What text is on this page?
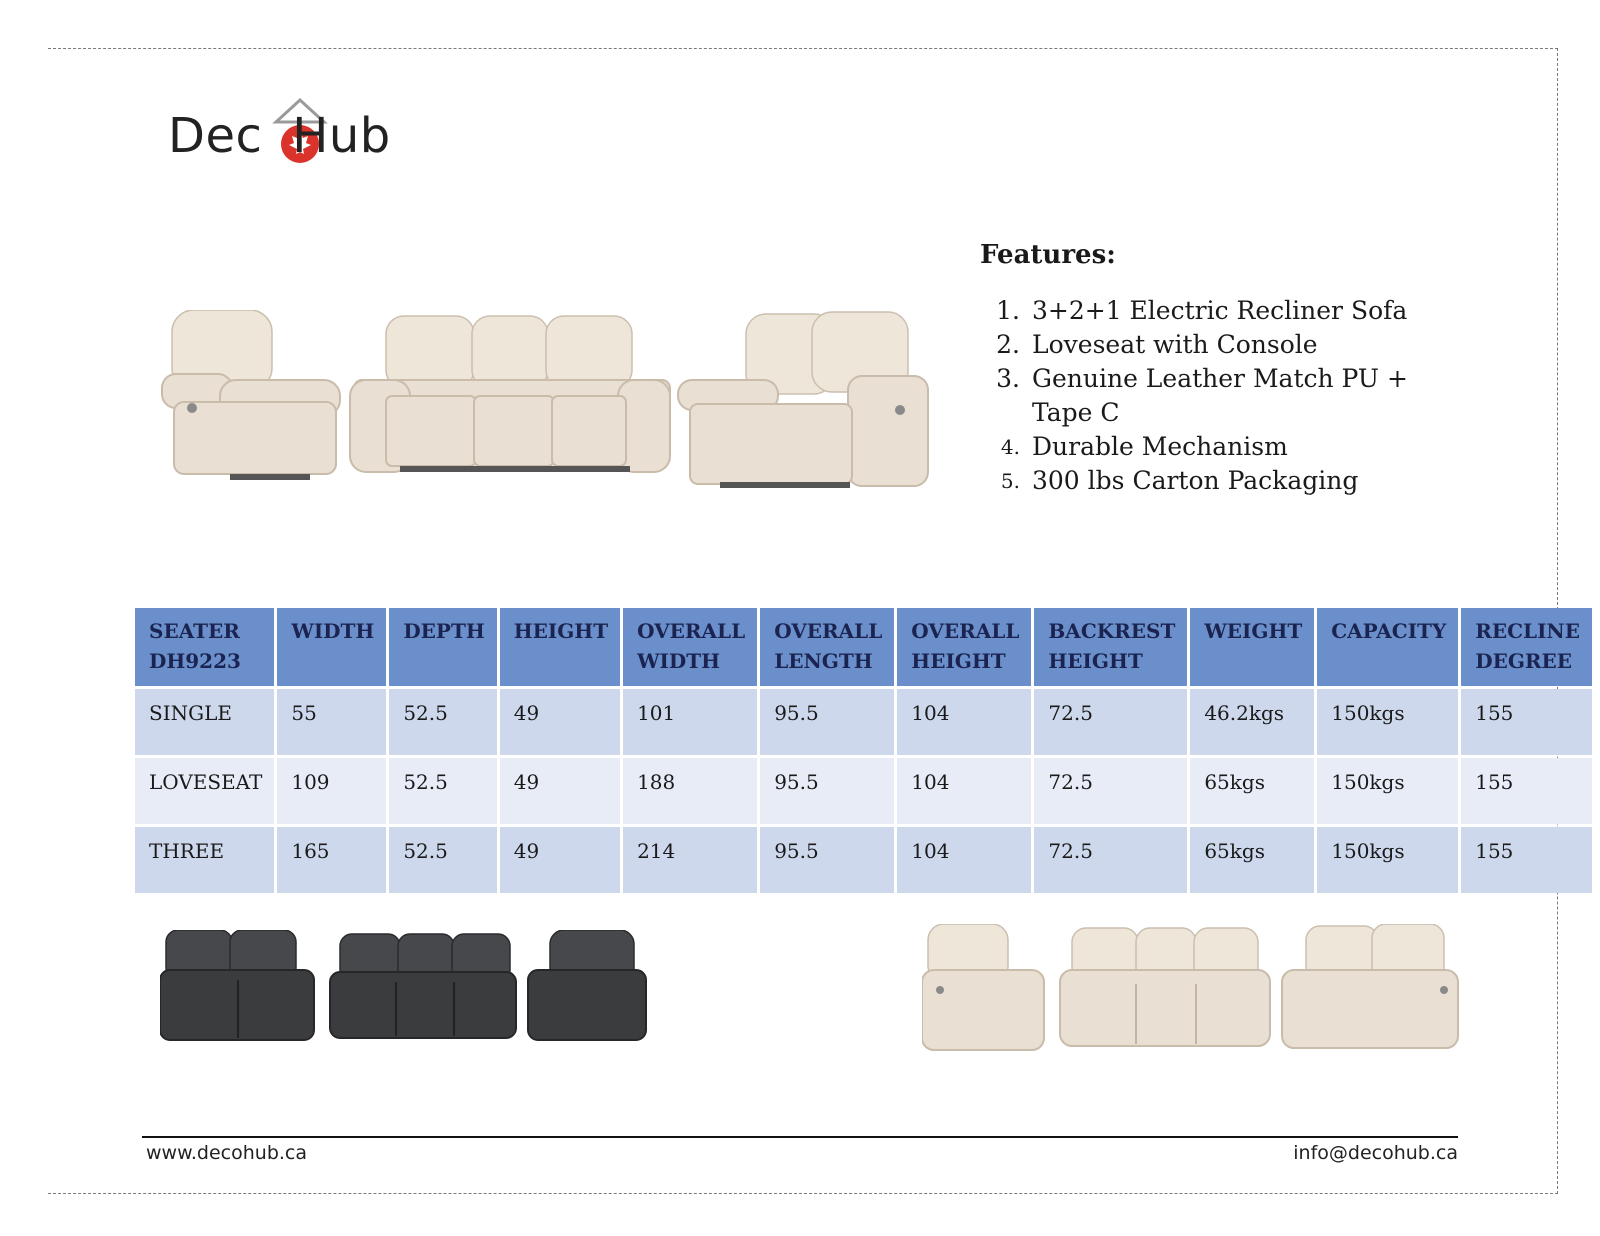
Dec Hub
Features:
1. 3+2+1 Electric Recliner Sofa
2. Loveseat with Console
3. Genuine Leather Match PU + Tape C
4. Durable Mechanism
5. 300 lbs Carton Packaging
SEATER DH9223	WIDTH	DEPTH	HEIGHT	OVERALL WIDTH	OVERALL LENGTH	OVERALL HEIGHT	BACKREST HEIGHT	WEIGHT	CAPACITY	RECLINE DEGREE
SINGLE	55	52.5	49	101	95.5	104	72.5	46.2kgs	150kgs	155
LOVESEAT	109	52.5	49	188	95.5	104	72.5	65kgs	150kgs	155
THREE	165	52.5	49	214	95.5	104	72.5	65kgs	150kgs	155
www.decohub.ca	info@decohub.ca
